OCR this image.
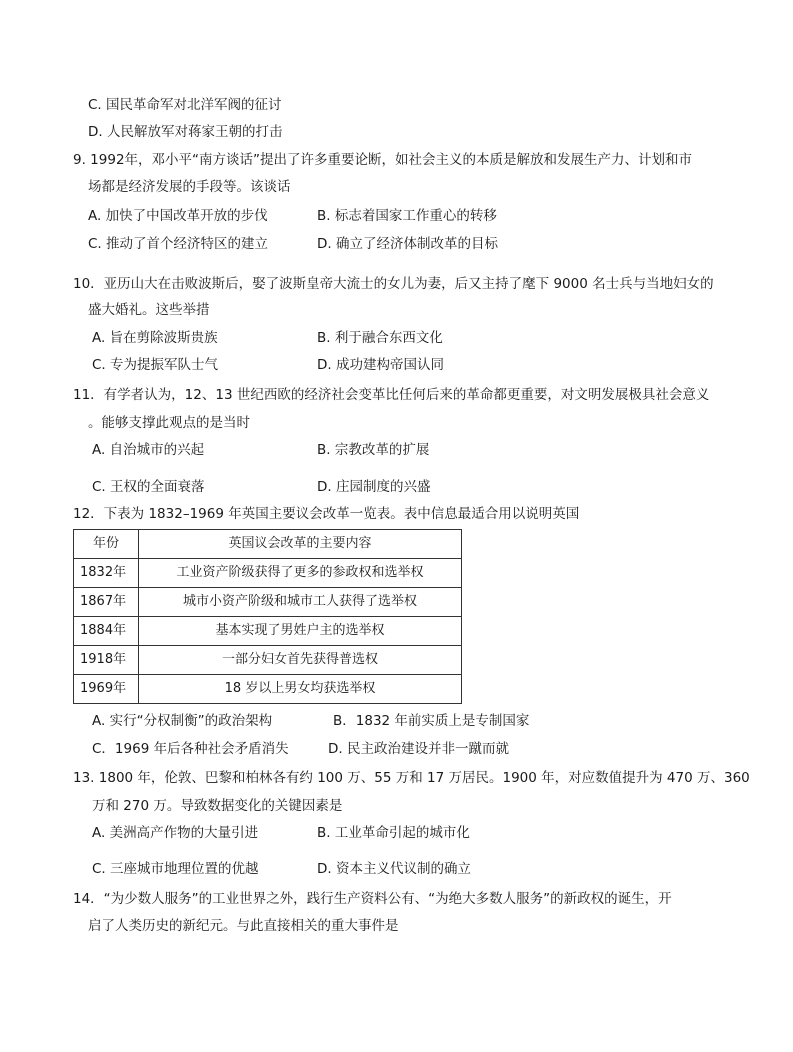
C. 国民革命军对北洋军阀的征讨
D. 人民解放军对蒋家王朝的打击
9. 1992年，邓小平“南方谈话”提出了许多重要论断，如社会主义的本质是解放和发展生产力、计划和市
场都是经济发展的手段等。该谈话
A. 加快了中国改革开放的步伐	B. 标志着国家工作重心的转移
C. 推动了首个经济特区的建立	D. 确立了经济体制改革的目标
10．亚历山大在击败波斯后，娶了波斯皇帝大流士的女儿为妻，后又主持了麾下 9000 名士兵与当地妇女的
盛大婚礼。这些举措
A. 旨在剪除波斯贵族	B. 利于融合东西文化
C. 专为提振军队士气	D. 成功建构帝国认同
11．有学者认为，12、13 世纪西欧的经济社会变革比任何后来的革命都更重要，对文明发展极具社会意义
。能够支撑此观点的是当时
A. 自治城市的兴起	B. 宗教改革的扩展
C. 王权的全面衰落	D. 庄园制度的兴盛
12．下表为 1832–1969 年英国主要议会改革一览表。表中信息最适合用以说明英国
年份	英国议会改革的主要内容
1832年	工业资产阶级获得了更多的参政权和选举权
1867年	城市小资产阶级和城市工人获得了选举权
1884年	基本实现了男姓户主的选举权
1918年	一部分妇女首先获得普选权
1969年	18 岁以上男女均获选举权
A. 实行“分权制衡”的政治架构	B．1832 年前实质上是专制国家
C．1969 年后各种社会矛盾消失	D. 民主政治建设并非一蹴而就
13. 1800 年，伦敦、巴黎和柏林各有约 100 万、55 万和 17 万居民。1900 年，对应数值提升为 470 万、360
万和 270 万。导致数据变化的关键因素是
A. 美洲高产作物的大量引进	B. 工业革命引起的城市化
C. 三座城市地理位置的优越	D. 资本主义代议制的确立
14．“为少数人服务”的工业世界之外，践行生产资料公有、“为绝大多数人服务”的新政权的诞生，开
启了人类历史的新纪元。与此直接相关的重大事件是
